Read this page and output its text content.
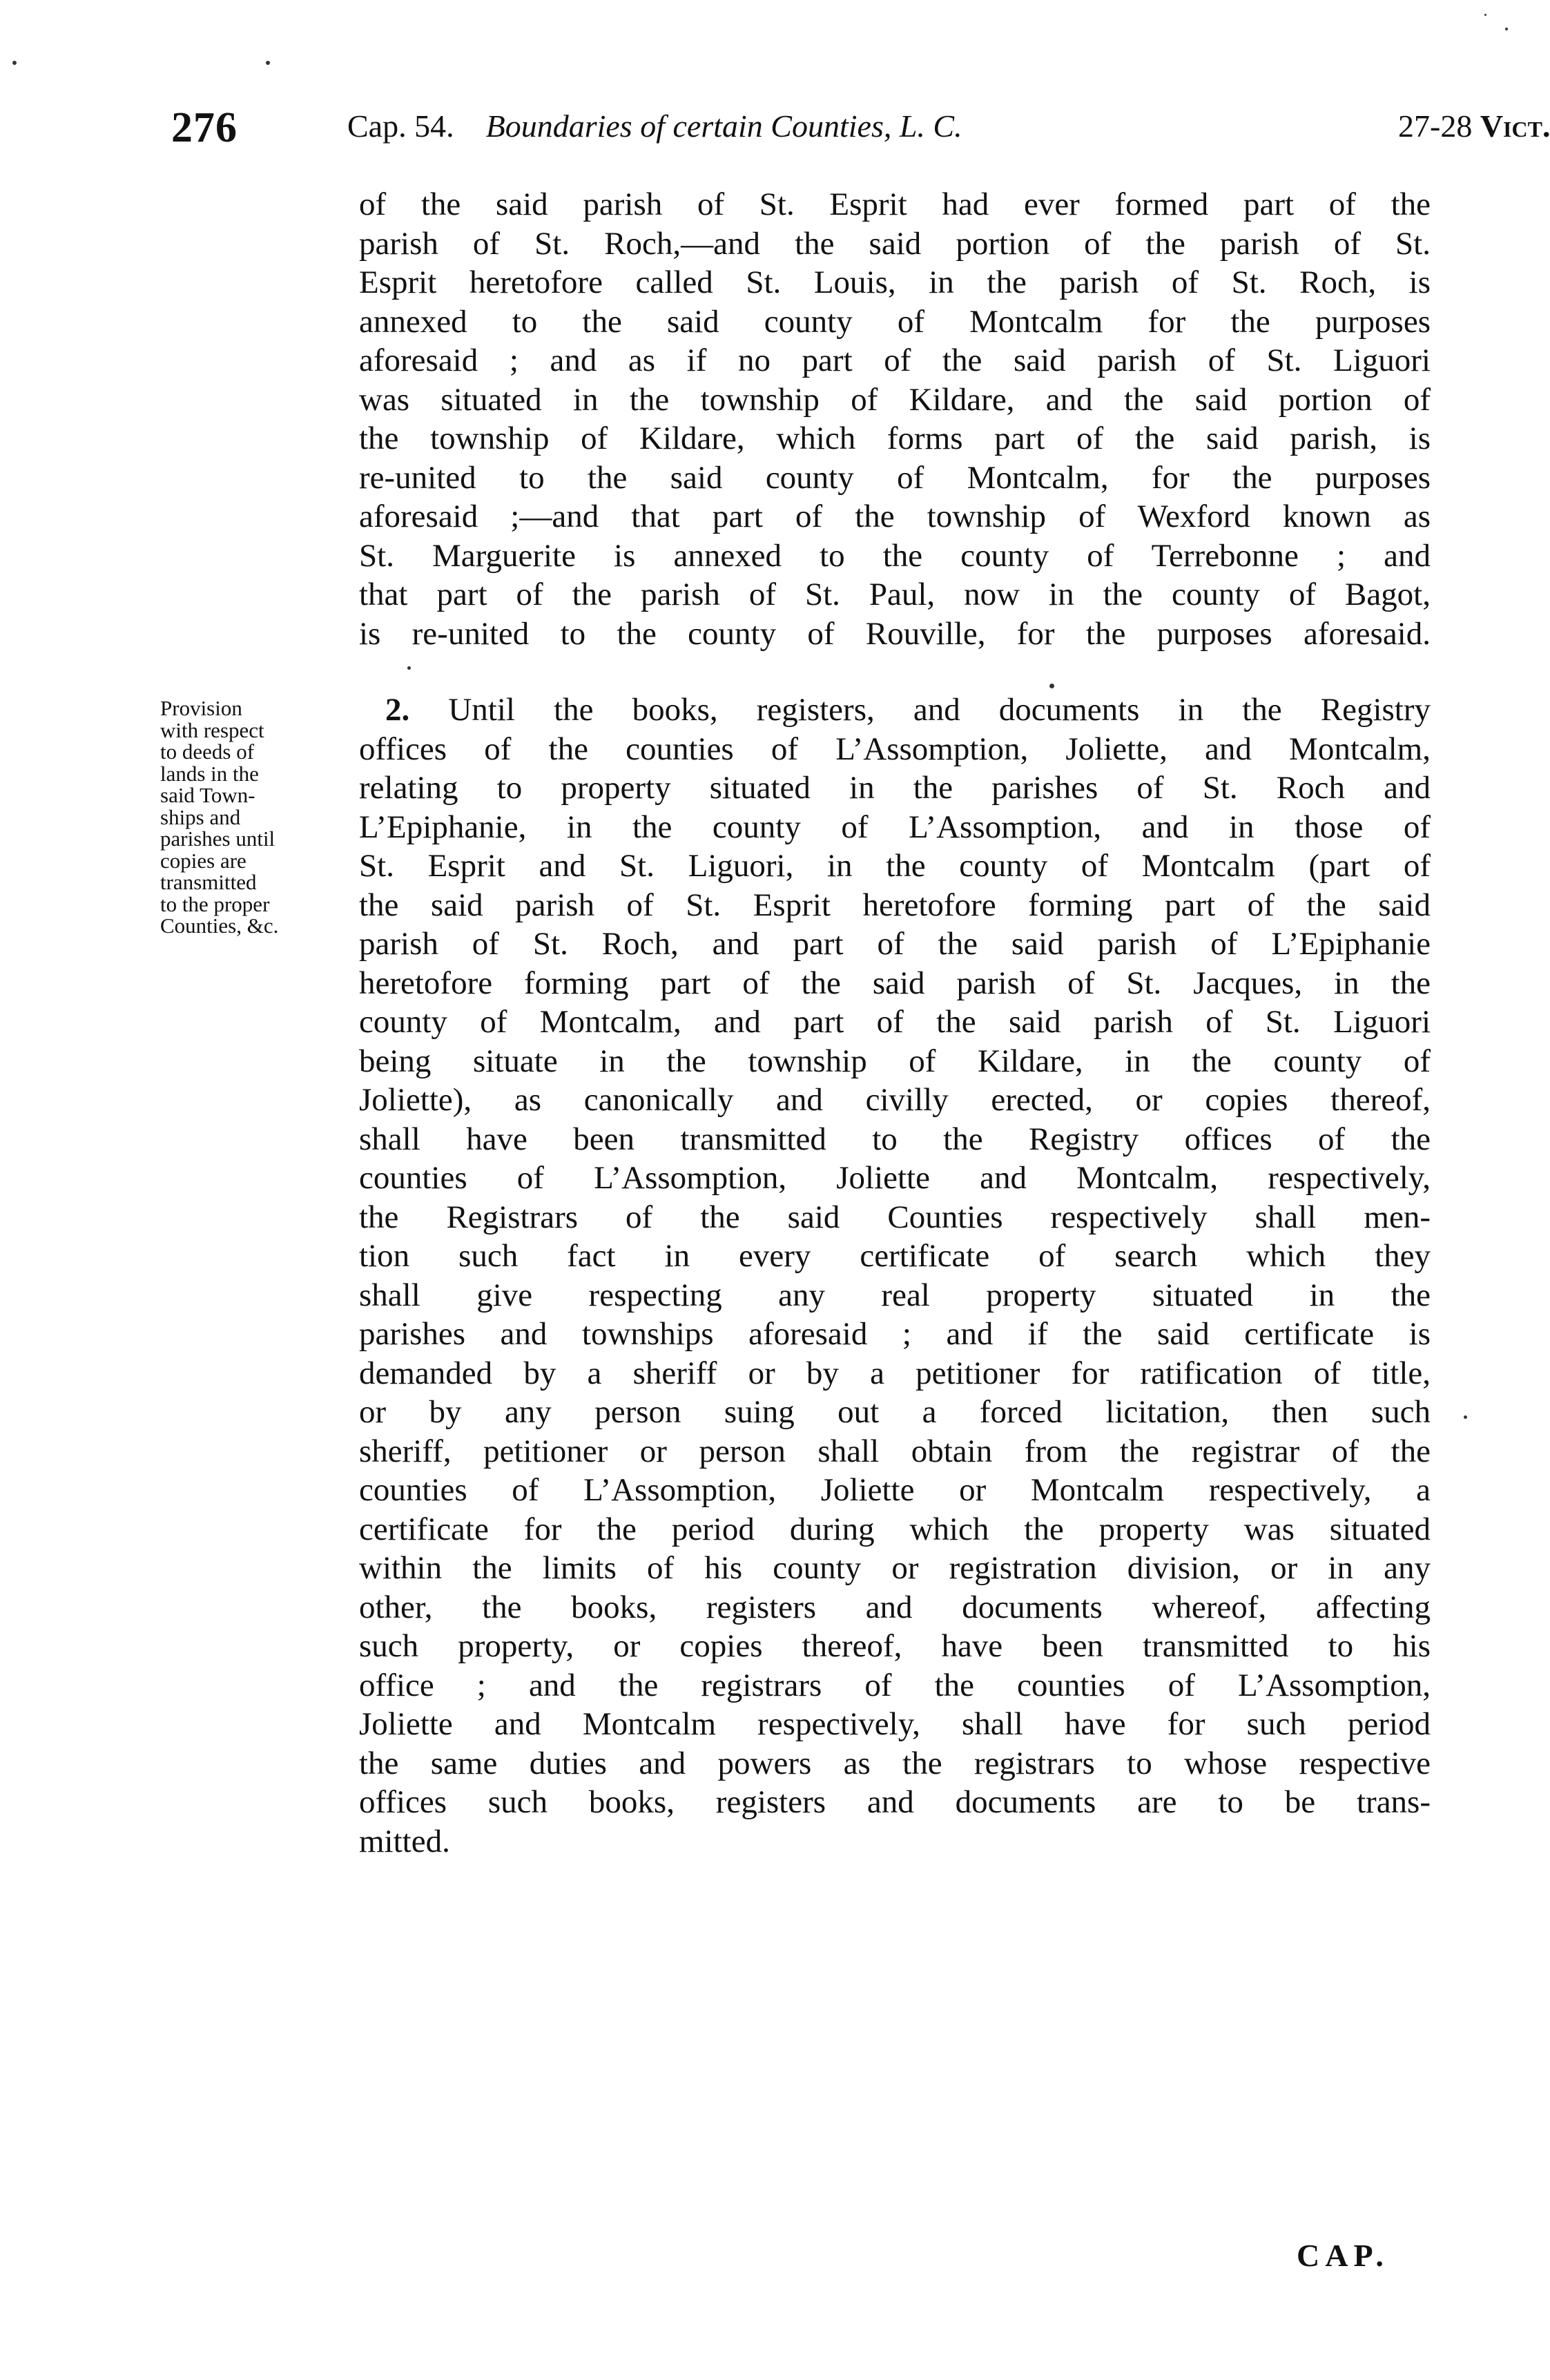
276	Cap. 54. Boundaries of certain Counties, L. C.	27-28 Vict.

of the said parish of St. Esprit had ever formed part of the
parish of St. Roch,—and the said portion of the parish of St.
Esprit heretofore called St. Louis, in the parish of St. Roch, is
annexed to the said county of Montcalm for the purposes
aforesaid ; and as if no part of the said parish of St. Liguori
was situated in the township of Kildare, and the said portion of
the township of Kildare, which forms part of the said parish, is
re-united to the said county of Montcalm, for the purposes
aforesaid ;—and that part of the township of Wexford known as
St. Marguerite is annexed to the county of Terrebonne ; and
that part of the parish of St. Paul, now in the county of Bagot,
is re-united to the county of Rouville, for the purposes aforesaid.

Provision
with respect
to deeds of
lands in the
said Town-
ships and
parishes until
copies are
transmitted
to the proper
Counties, &c.

2. Until the books, registers, and documents in the Registry
offices of the counties of L’Assomption, Joliette, and Montcalm,
relating to property situated in the parishes of St. Roch and
L’Epiphanie, in the county of L’Assomption, and in those of
St. Esprit and St. Liguori, in the county of Montcalm (part of
the said parish of St. Esprit heretofore forming part of the said
parish of St. Roch, and part of the said parish of L’Epiphanie
heretofore forming part of the said parish of St. Jacques, in the
county of Montcalm, and part of the said parish of St. Liguori
being situate in the township of Kildare, in the county of
Joliette), as canonically and civilly erected, or copies thereof,
shall have been transmitted to the Registry offices of the
counties of L’Assomption, Joliette and Montcalm, respectively,
the Registrars of the said Counties respectively shall men-
tion such fact in every certificate of search which they
shall give respecting any real property situated in the
parishes and townships aforesaid ; and if the said certificate is
demanded by a sheriff or by a petitioner for ratification of title,
or by any person suing out a forced licitation, then such
sheriff, petitioner or person shall obtain from the registrar of the
counties of L’Assomption, Joliette or Montcalm respectively, a
certificate for the period during which the property was situated
within the limits of his county or registration division, or in any
other, the books, registers and documents whereof, affecting
such property, or copies thereof, have been transmitted to his
office ; and the registrars of the counties of L’Assomption,
Joliette and Montcalm respectively, shall have for such period
the same duties and powers as the registrars to whose respective
offices such books, registers and documents are to be trans-
mitted.

CAP.
